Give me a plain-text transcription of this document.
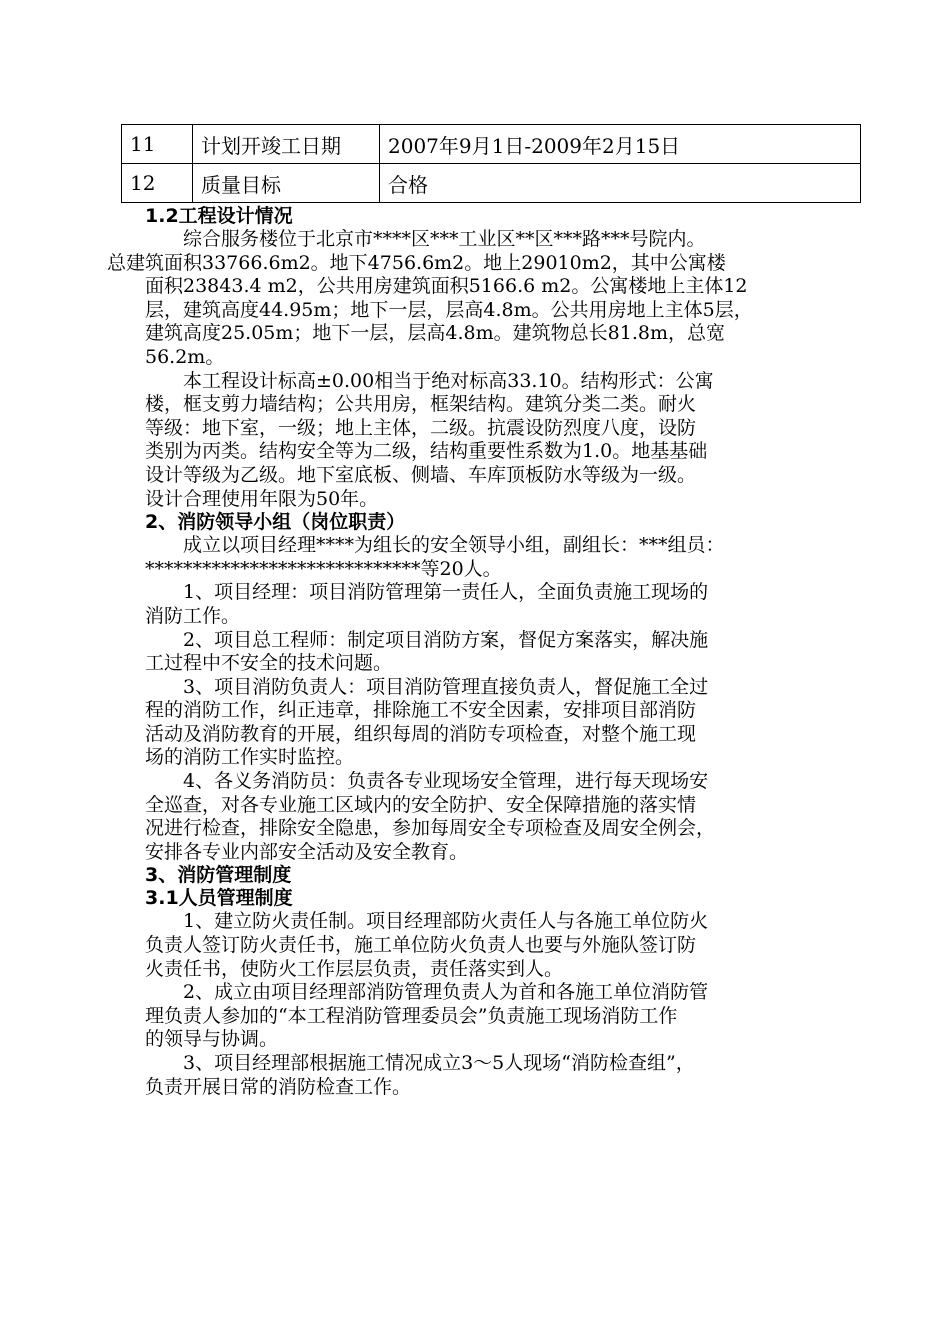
11	计划开竣工日期	2007年9月1日-2009年2月15日
12	质量目标	合格
1.2工程设计情况

综合服务楼位于北京市****区***工业区**区***路***号院内。
总建筑面积33766.6m2。地下4756.6m2。地上29010m2，其中公寓楼
面积23843.4 m2，公共用房建筑面积5166.6 m2。公寓楼地上主体12
层，建筑高度44.95m；地下一层，层高4.8m。公共用房地上主体5层，
建筑高度25.05m；地下一层，层高4.8m。建筑物总长81.8m，总宽
56.2m。

本工程设计标高±0.00相当于绝对标高33.10。结构形式：公寓
楼，框支剪力墙结构；公共用房，框架结构。建筑分类二类。耐火
等级：地下室，一级；地上主体，二级。抗震设防烈度八度，设防
类别为丙类。结构安全等为二级，结构重要性系数为1.0。地基基础
设计等级为乙级。地下室底板、侧墙、车库顶板防水等级为一级。
设计合理使用年限为50年。

2、消防领导小组（岗位职责）

成立以项目经理****为组长的安全领导小组，副组长：***组员：
*****************************等20人。

1、项目经理：项目消防管理第一责任人，全面负责施工现场的
消防工作。

2、项目总工程师：制定项目消防方案，督促方案落实，解决施
工过程中不安全的技术问题。

3、项目消防负责人：项目消防管理直接负责人，督促施工全过
程的消防工作，纠正违章，排除施工不安全因素，安排项目部消防
活动及消防教育的开展，组织每周的消防专项检查，对整个施工现
场的消防工作实时监控。

4、各义务消防员：负责各专业现场安全管理，进行每天现场安
全巡查，对各专业施工区域内的安全防护、安全保障措施的落实情
况进行检查，排除安全隐患，参加每周安全专项检查及周安全例会，
安排各专业内部安全活动及安全教育。

3、消防管理制度
3.1人员管理制度

1、建立防火责任制。项目经理部防火责任人与各施工单位防火
负责人签订防火责任书，施工单位防火负责人也要与外施队签订防
火责任书，使防火工作层层负责，责任落实到人。

2、成立由项目经理部消防管理负责人为首和各施工单位消防管
理负责人参加的“本工程消防管理委员会”负责施工现场消防工作
的领导与协调。

3、项目经理部根据施工情况成立3～5人现场“消防检查组”，
负责开展日常的消防检查工作。
